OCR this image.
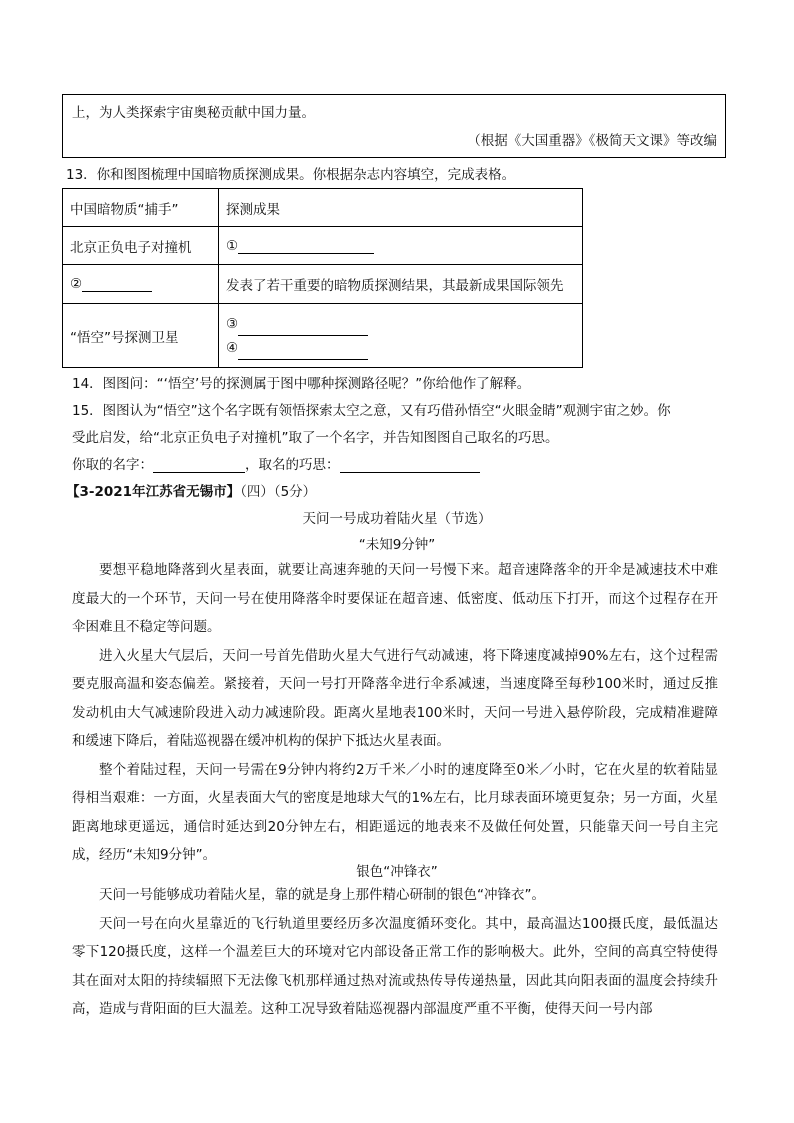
上，为人类探索宇宙奥秘贡献中国力量。
（根据《大国重器》《极简天文课》等改编
13．你和图图梳理中国暗物质探测成果。你根据杂志内容填空，完成表格。
中国暗物质“捕手”	探测成果
北京正负电子对撞机	①
②	发表了若干重要的暗物质探测结果，其最新成果国际领先
“悟空”号探测卫星	③
④
14．图图问：“‘悟空’号的探测属于图中哪种探测路径呢？”你给他作了解释。
15．图图认为“悟空”这个名字既有领悟探索太空之意，又有巧借孙悟空“火眼金睛”观测宇宙之妙。你
受此启发，给“北京正负电子对撞机”取了一个名字，并告知图图自己取名的巧思。
你取的名字：	，取名的巧思：
【3-2021年江苏省无锡市】（四）（5分）
天问一号成功着陆火星（节选）
“未知9分钟”

要想平稳地降落到火星表面，就要让高速奔驰的天问一号慢下来。超音速降落伞的开伞是减速技术中难度最大的一个环节，天问一号在使用降落伞时要保证在超音速、低密度、低动压下打开，而这个过程存在开伞困难且不稳定等问题。

进入火星大气层后，天问一号首先借助火星大气进行气动减速，将下降速度减掉90%左右，这个过程需要克服高温和姿态偏差。紧接着，天问一号打开降落伞进行伞系减速，当速度降至每秒100米时，通过反推发动机由大气减速阶段进入动力减速阶段。距离火星地表100米时，天问一号进入悬停阶段，完成精准避障和缓速下降后，着陆巡视器在缓冲机构的保护下抵达火星表面。

整个着陆过程，天问一号需在9分钟内将约2万千米／小时的速度降至0米／小时，它在火星的软着陆显得相当艰难：一方面，火星表面大气的密度是地球大气的1%左右，比月球表面环境更复杂；另一方面，火星距离地球更遥远，通信时延达到20分钟左右，相距遥远的地表来不及做任何处置，只能靠天问一号自主完成，经历“未知9分钟”。

银色“冲锋衣”

天问一号能够成功着陆火星，靠的就是身上那件精心研制的银色“冲锋衣”。

天问一号在向火星靠近的飞行轨道里要经历多次温度循环变化。其中，最高温达100摄氏度，最低温达零下120摄氏度，这样一个温差巨大的环境对它内部设备正常工作的影响极大。此外，空间的高真空特使得其在面对太阳的持续辐照下无法像飞机那样通过热对流或热传导传递热量，因此其向阳表面的温度会持续升高，造成与背阳面的巨大温差。这种工况导致着陆巡视器内部温度严重不平衡，使得天问一号内部
